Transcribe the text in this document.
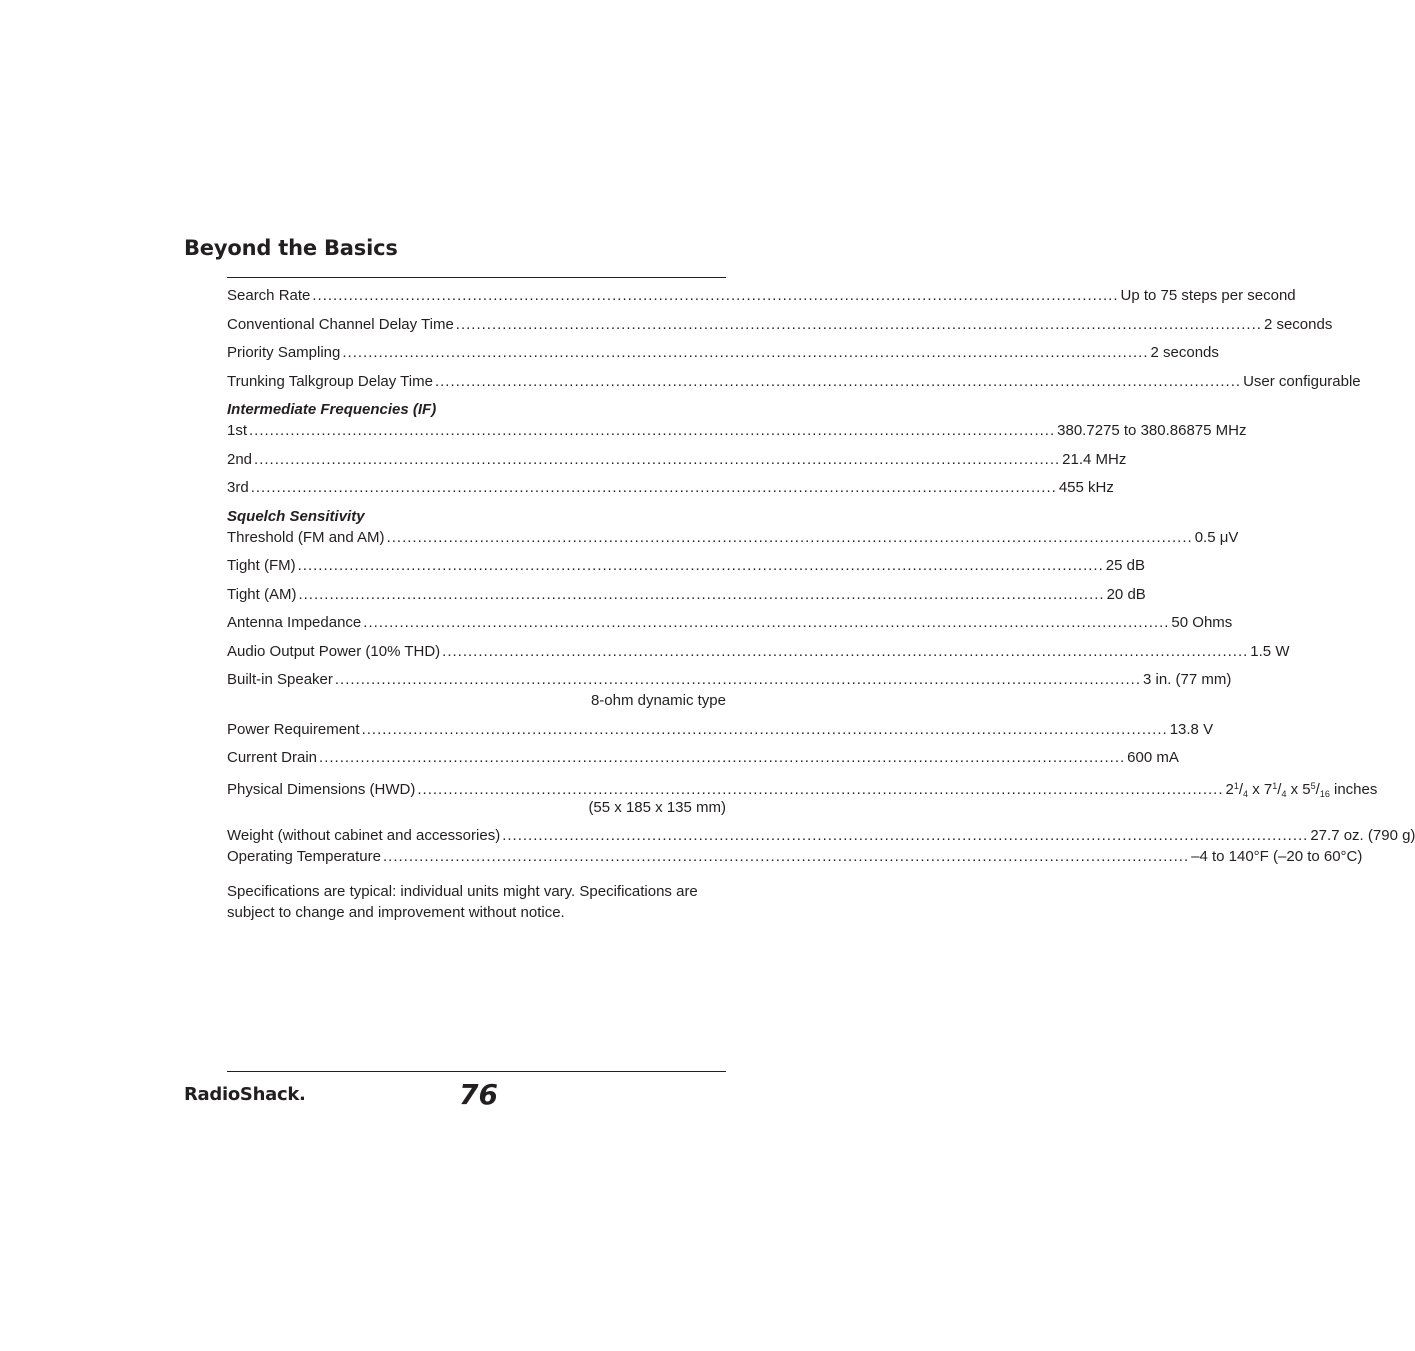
Beyond the Basics
Search Rate ............................................................................................................................................................ Up to 75 steps per second
Conventional Channel Delay Time ............................................................................................................................................................ 2 seconds
Priority Sampling ............................................................................................................................................................ 2 seconds
Trunking Talkgroup Delay Time ............................................................................................................................................................ User configurable
Intermediate Frequencies (IF)
1st ............................................................................................................................................................ 380.7275 to 380.86875 MHz
2nd ............................................................................................................................................................ 21.4 MHz
3rd ............................................................................................................................................................ 455 kHz
Squelch Sensitivity
Threshold (FM and AM) ............................................................................................................................................................ 0.5 μV
Tight (FM) ............................................................................................................................................................ 25 dB
Tight (AM) ............................................................................................................................................................ 20 dB
Antenna Impedance ............................................................................................................................................................ 50 Ohms
Audio Output Power (10% THD) ............................................................................................................................................................ 1.5 W
Built-in Speaker ............................................................................................................................................................ 3 in. (77 mm)
8-ohm dynamic type
Power Requirement ............................................................................................................................................................ 13.8 V
Current Drain ............................................................................................................................................................ 600 mA
Physical Dimensions (HWD) ............................................................................................................................................................ $2^1/_4$ x $7^1/_4$ x $5^5/_{16}$ inches
(55 x 185 x 135 mm)
Weight (without cabinet and accessories) ............................................................................................................................................................ 27.7 oz. (790 g)
Operating Temperature ............................................................................................................................................................ –4 to 140°F (–20 to 60°C)

Specifications are typical: individual units might vary. Specifications are subject to change and improvement without notice.

RadioShack.	76
